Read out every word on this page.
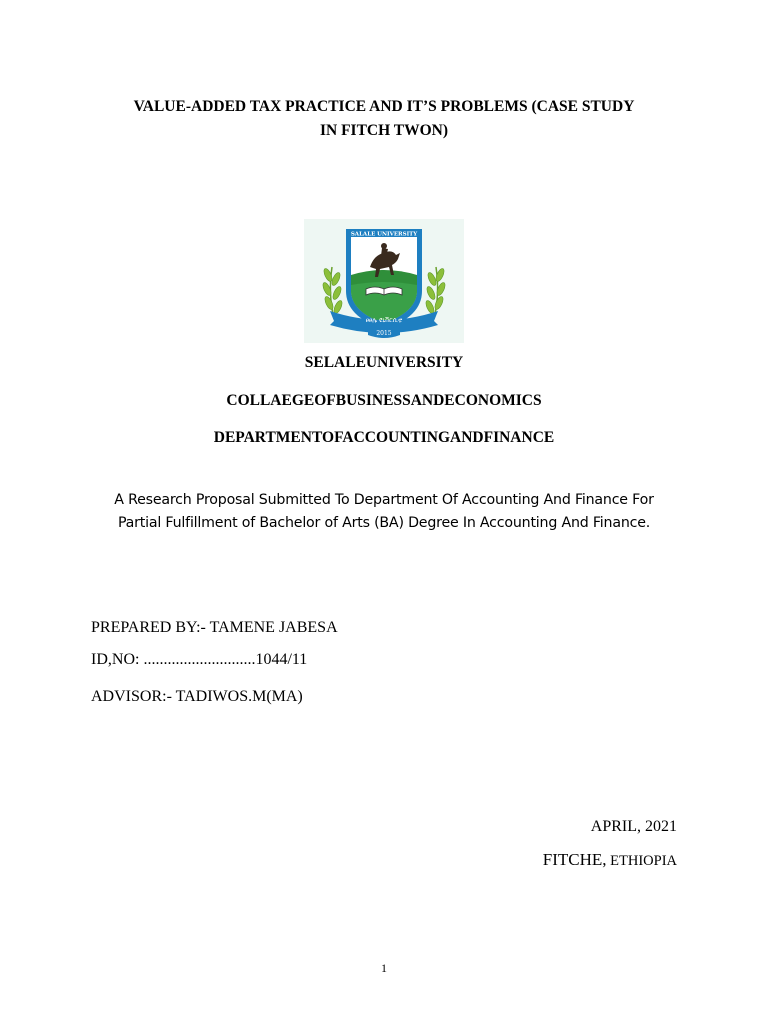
VALUE-ADDED TAX PRACTICE AND IT’S PROBLEMS (CASE STUDY
IN FITCH TWON)
SALALE UNIVERSITY
ፀፀሌ ዩኒቨርሲቲ
2015
SELALEUNIVERSITY
COLLAEGEOFBUSINESSANDECONOMICS
DEPARTMENTOFACCOUNTINGANDFINANCE
A Research Proposal Submitted To Department Of Accounting And Finance For
Partial Fulfillment of Bachelor of Arts (BA) Degree In Accounting And Finance.
PREPARED BY:- TAMENE JABESA
ID,NO: ............................1044/11
ADVISOR:- TADIWOS.M(MA)
APRIL, 2021
FITCHE, ETHIOPIA
1
